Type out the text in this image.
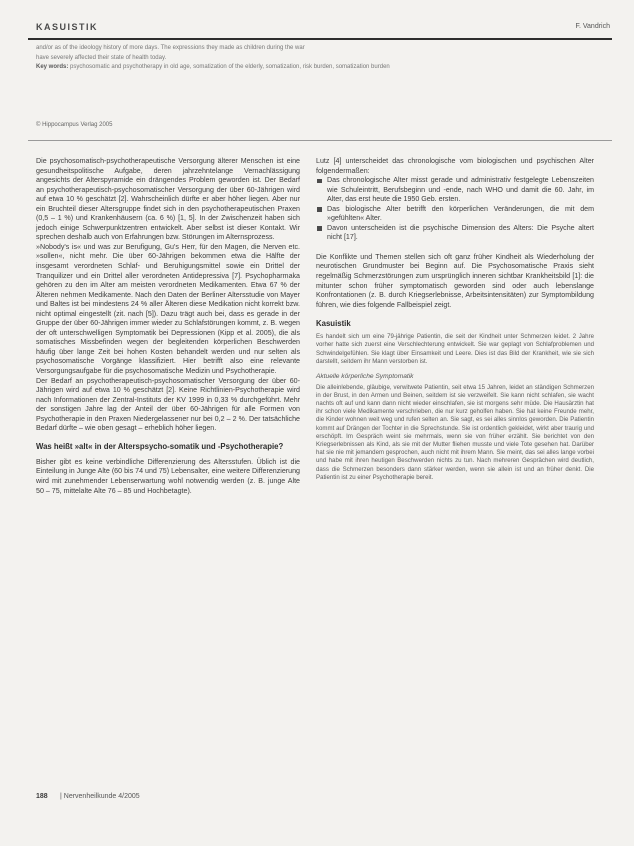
KASUISTIK	F. Vandrich

and/or as of the ideology history of more days. The expressions they made as children during the war

have severely affected their state of health today.

Key words: psychosomatic and psychotherapy in old age, somatization of the elderly, somatization, risk burden, somatization burden

© Hippocampus Verlag 2005

Die psychosomatisch-psychotherapeutische Versorgung älterer Menschen ist eine gesundheitspolitische Aufgabe, deren jahrzehntelange Vernachlässigung angesichts der Alterspyramide ein drängendes Problem geworden ist. Der Bedarf an psychotherapeutisch-psychosomatischer Versorgung der über 60-Jährigen wird auf etwa 10 % geschätzt [2]. Wahrscheinlich dürfte er aber höher liegen. Aber nur ein Bruchteil dieser Altersgruppe findet sich in den psychotherapeutischen Praxen (0,5 – 1 %) und Krankenhäusern (ca. 6 %) [1, 5]. In der Zwischenzeit haben sich jedoch einige Schwerpunktzentren entwickelt. Aber selbst ist dieser Kontakt. Wir sprechen deshalb auch von Erfahrungen bzw. Störungen im Alternsprozess.

»Nobody's is« und was zur Berufigung, Gu's Herr, für den Magen, die Nerven etc. »sollen«, nicht mehr. Die über 60-Jährigen bekommen etwa die Hälfte der insgesamt verordneten Schlaf- und Beruhigungsmittel sowie ein Drittel der Tranquilizer und ein Drittel aller verordneten Antidepressiva [7]. Psychopharmaka gehören zu den im Alter am meisten verordneten Medikamenten. Etwa 67 % der Älteren nehmen Medikamente. Nach den Daten der Berliner Altersstudie von Mayer und Baltes ist bei mindestens 24 % aller Älteren diese Medikation nicht korrekt bzw. nicht optimal eingestellt (zit. nach [5]). Dazu trägt auch bei, dass es gerade in der Gruppe der über 60-Jährigen immer wieder zu Schlafstörungen kommt, z. B. wegen der oft unterschwelligen Symptomatik bei Depressionen (Kipp et al. 2005), die als somatisches Missbefinden wegen der begleitenden körperlichen Beschwerden häufig über lange Zeit bei hohen Kosten behandelt werden und nur selten als psychosomatische Vorgänge klassifiziert. Hier betrifft also eine relevante Versorgungsaufgabe für die psychosomatische Medizin und Psychotherapie.

Der Bedarf an psychotherapeutisch-psychosomatischer Versorgung der über 60-Jährigen wird auf etwa 10 % geschätzt [2]. Keine Richtlinien-Psychotherapie wird nach Informationen der Zentral-Instituts der KV 1999 in 0,33 % durchgeführt. Mehr der sonstigen Jahre lag der Anteil der über 60-Jährigen für alle Formen von Psychotherapie in den Praxen Niedergelassener nur bei 0,2 – 2 %. Der tatsächliche Bedarf dürfte – wie oben gesagt – erheblich höher liegen.

Was heißt »alt« in der Alterspsycho-somatik und -Psychotherapie?

Bisher gibt es keine verbindliche Differenzierung des Altersstufen. Üblich ist die Einteilung in Junge Alte (60 bis 74 und 75) Lebensalter, eine weitere Differenzierung wird mit zunehmender Lebenserwartung wohl notwendig werden (z. B. junge Alte 50 – 75, mittelalte Alte 76 – 85 und Hochbetagte).

Lutz [4] unterscheidet das chronologische vom biologischen und psychischen Alter folgendermaßen:

Das chronologische Alter misst gerade und administrativ festgelegte Lebenszeiten wie Schuleintritt, Berufsbeginn und -ende, nach WHO und damit die 60. Jahr, im Alter, das erst heute die 1950 Geb. ersten.
Das biologische Alter betrifft den körperlichen Veränderungen, die mit dem »gefühlten« Alter.
Davon unterscheiden ist die psychische Dimension des Alters: Die Psyche altert nicht [17].

Die Konflikte und Themen stellen sich oft ganz früher Kindheit als Wiederholung der neurotischen Grundmuster bei Beginn auf. Die Psychosomatische Praxis sieht regelmäßig Schmerzstörungen zum ursprünglich inneren sichtbar Krankheitsbild [1]: die mitunter schon früher symptomatisch geworden sind oder auch lebenslange Konfrontationen (z. B. durch Kriegserlebnisse, Arbeitsintensitäten) zur Symptombildung führen, wie dies folgende Fallbeispiel zeigt.

Kasuistik

Es handelt sich um eine 79-jährige Patientin, die seit der Kindheit unter Schmerzen leidet. 2 Jahre vorher hatte sich zuerst eine Verschlechterung entwickelt. Sie war geplagt von Schlafproblemen und Schwindelgefühlen. Sie klagt über Einsamkeit und Leere. Dies ist das Bild der Krankheit, wie sie sich darstellt, seitdem ihr Mann verstorben ist.

Aktuelle körperliche Symptomatik

Die alleinlebende, gläubige, verwitwete Patientin, seit etwa 15 Jahren, leidet an ständigen Schmerzen in der Brust, in den Armen und Beinen, seitdem ist sie verzweifelt. Sie kann nicht schlafen, sie wacht nachts oft auf und kann dann nicht wieder einschlafen, sie ist morgens sehr müde. Die Hausärztin hat ihr schon viele Medikamente verschrieben, die nur kurz geholfen haben. Sie hat keine Freunde mehr, die Kinder wohnen weit weg und rufen selten an. Sie sagt, es sei alles sinnlos geworden. Die Patientin kommt auf Drängen der Tochter in die Sprechstunde. Sie ist ordentlich gekleidet, wirkt aber traurig und erschöpft. Im Gespräch weint sie mehrmals, wenn sie von früher erzählt. Sie berichtet von den Kriegserlebnissen als Kind, als sie mit der Mutter fliehen musste und viele Tote gesehen hat. Darüber hat sie nie mit jemandem gesprochen, auch nicht mit ihrem Mann. Sie meint, das sei alles lange vorbei und habe mit ihren heutigen Beschwerden nichts zu tun. Nach mehreren Gesprächen wird deutlich, dass die Schmerzen besonders dann stärker werden, wenn sie allein ist und an früher denkt. Die Patientin ist zu einer Psychotherapie bereit.

188 | Nervenheilkunde 4/2005
